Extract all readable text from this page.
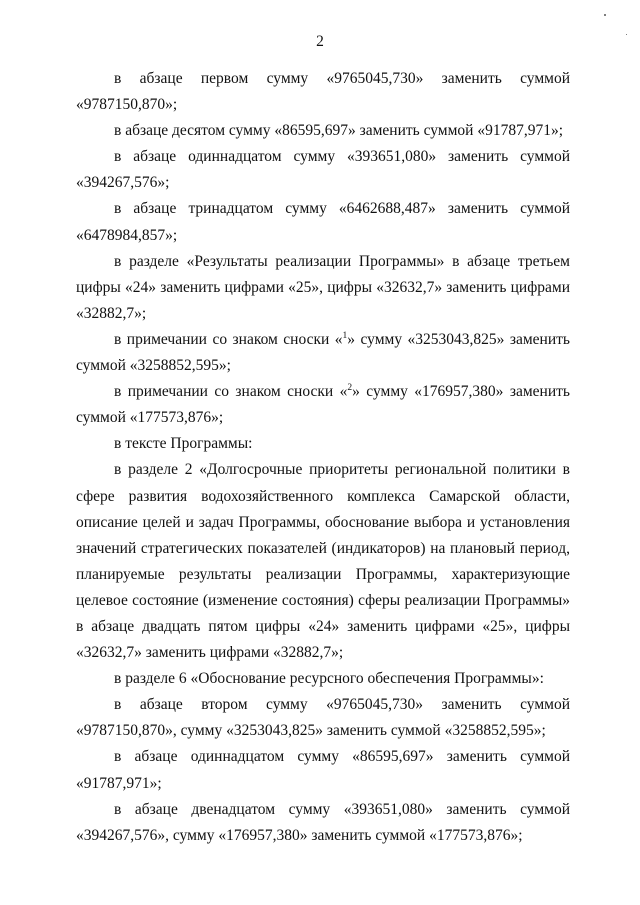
2

в абзаце первом сумму «9765045,730» заменить суммой «9787150,870»;

в абзаце десятом сумму «86595,697» заменить суммой «91787,971»;

в абзаце одиннадцатом сумму «393651,080» заменить суммой «394267,576»;

в абзаце тринадцатом сумму «6462688,487» заменить суммой «6478984,857»;

в разделе «Результаты реализации Программы» в абзаце третьем цифры «24» заменить цифрами «25», цифры «32632,7» заменить цифрами «32882,7»;

в примечании со знаком сноски «$^1$» сумму «3253043,825» заменить суммой «3258852,595»;

в примечании со знаком сноски «$^2$» сумму «176957,380» заменить суммой «177573,876»;

в тексте Программы:

в разделе 2 «Долгосрочные приоритеты региональной политики в сфере развития водохозяйственного комплекса Самарской области, описание целей и задач Программы, обоснование выбора и установления значений стратегических показателей (индикаторов) на плановый период, планируемые результаты реализации Программы, характеризующие целевое состояние (изменение состояния) сферы реализации Программы» в абзаце двадцать пятом цифры «24» заменить цифрами «25», цифры «32632,7» заменить цифрами «32882,7»;

в разделе 6 «Обоснование ресурсного обеспечения Программы»:

в абзаце втором сумму «9765045,730» заменить суммой «9787150,870», сумму «3253043,825» заменить суммой «3258852,595»;

в абзаце одиннадцатом сумму «86595,697» заменить суммой «91787,971»;

в абзаце двенадцатом сумму «393651,080» заменить суммой «394267,576», сумму «176957,380» заменить суммой «177573,876»;
